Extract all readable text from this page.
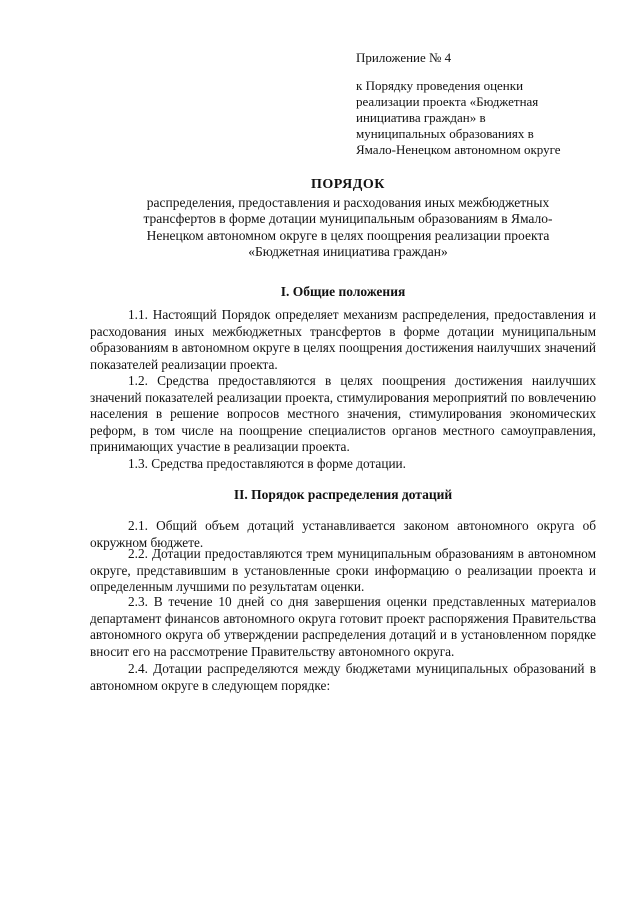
Приложение № 4
к Порядку проведения оценки
реализации проекта «Бюджетная
инициатива граждан» в
муниципальных образованиях в
Ямало-Ненецком автономном округе
ПОРЯДОК
распределения, предоставления и расходования иных межбюджетных
трансфертов в форме дотации муниципальным образованиям в Ямало-
Ненецком автономном округе в целях поощрения реализации проекта
«Бюджетная инициатива граждан»
I. Общие положения
1.1. Настоящий Порядок определяет механизм распределения, предоставления и расходования иных межбюджетных трансфертов в форме дотации муниципальным образованиям в автономном округе в целях поощрения достижения наилучших значений показателей реализации проекта.
1.2. Средства предоставляются в целях поощрения достижения наилучших значений показателей реализации проекта, стимулирования мероприятий по вовлечению населения в решение вопросов местного значения, стимулирования экономических реформ, в том числе на поощрение специалистов органов местного самоуправления, принимающих участие в реализации проекта.
1.3. Средства предоставляются в форме дотации.
II. Порядок распределения дотаций
2.1. Общий объем дотаций устанавливается законом автономного округа об окружном бюджете.
2.2. Дотации предоставляются трем муниципальным образованиям в автономном округе, представившим в установленные сроки информацию о реализации проекта и определенным лучшими по результатам оценки.
2.3. В течение 10 дней со дня завершения оценки представленных материалов департамент финансов автономного округа готовит проект распоряжения Правительства автономного округа об утверждении распределения дотаций и в установленном порядке вносит его на рассмотрение Правительству автономного округа.
2.4. Дотации распределяются между бюджетами муниципальных образований в автономном округе в следующем порядке:
